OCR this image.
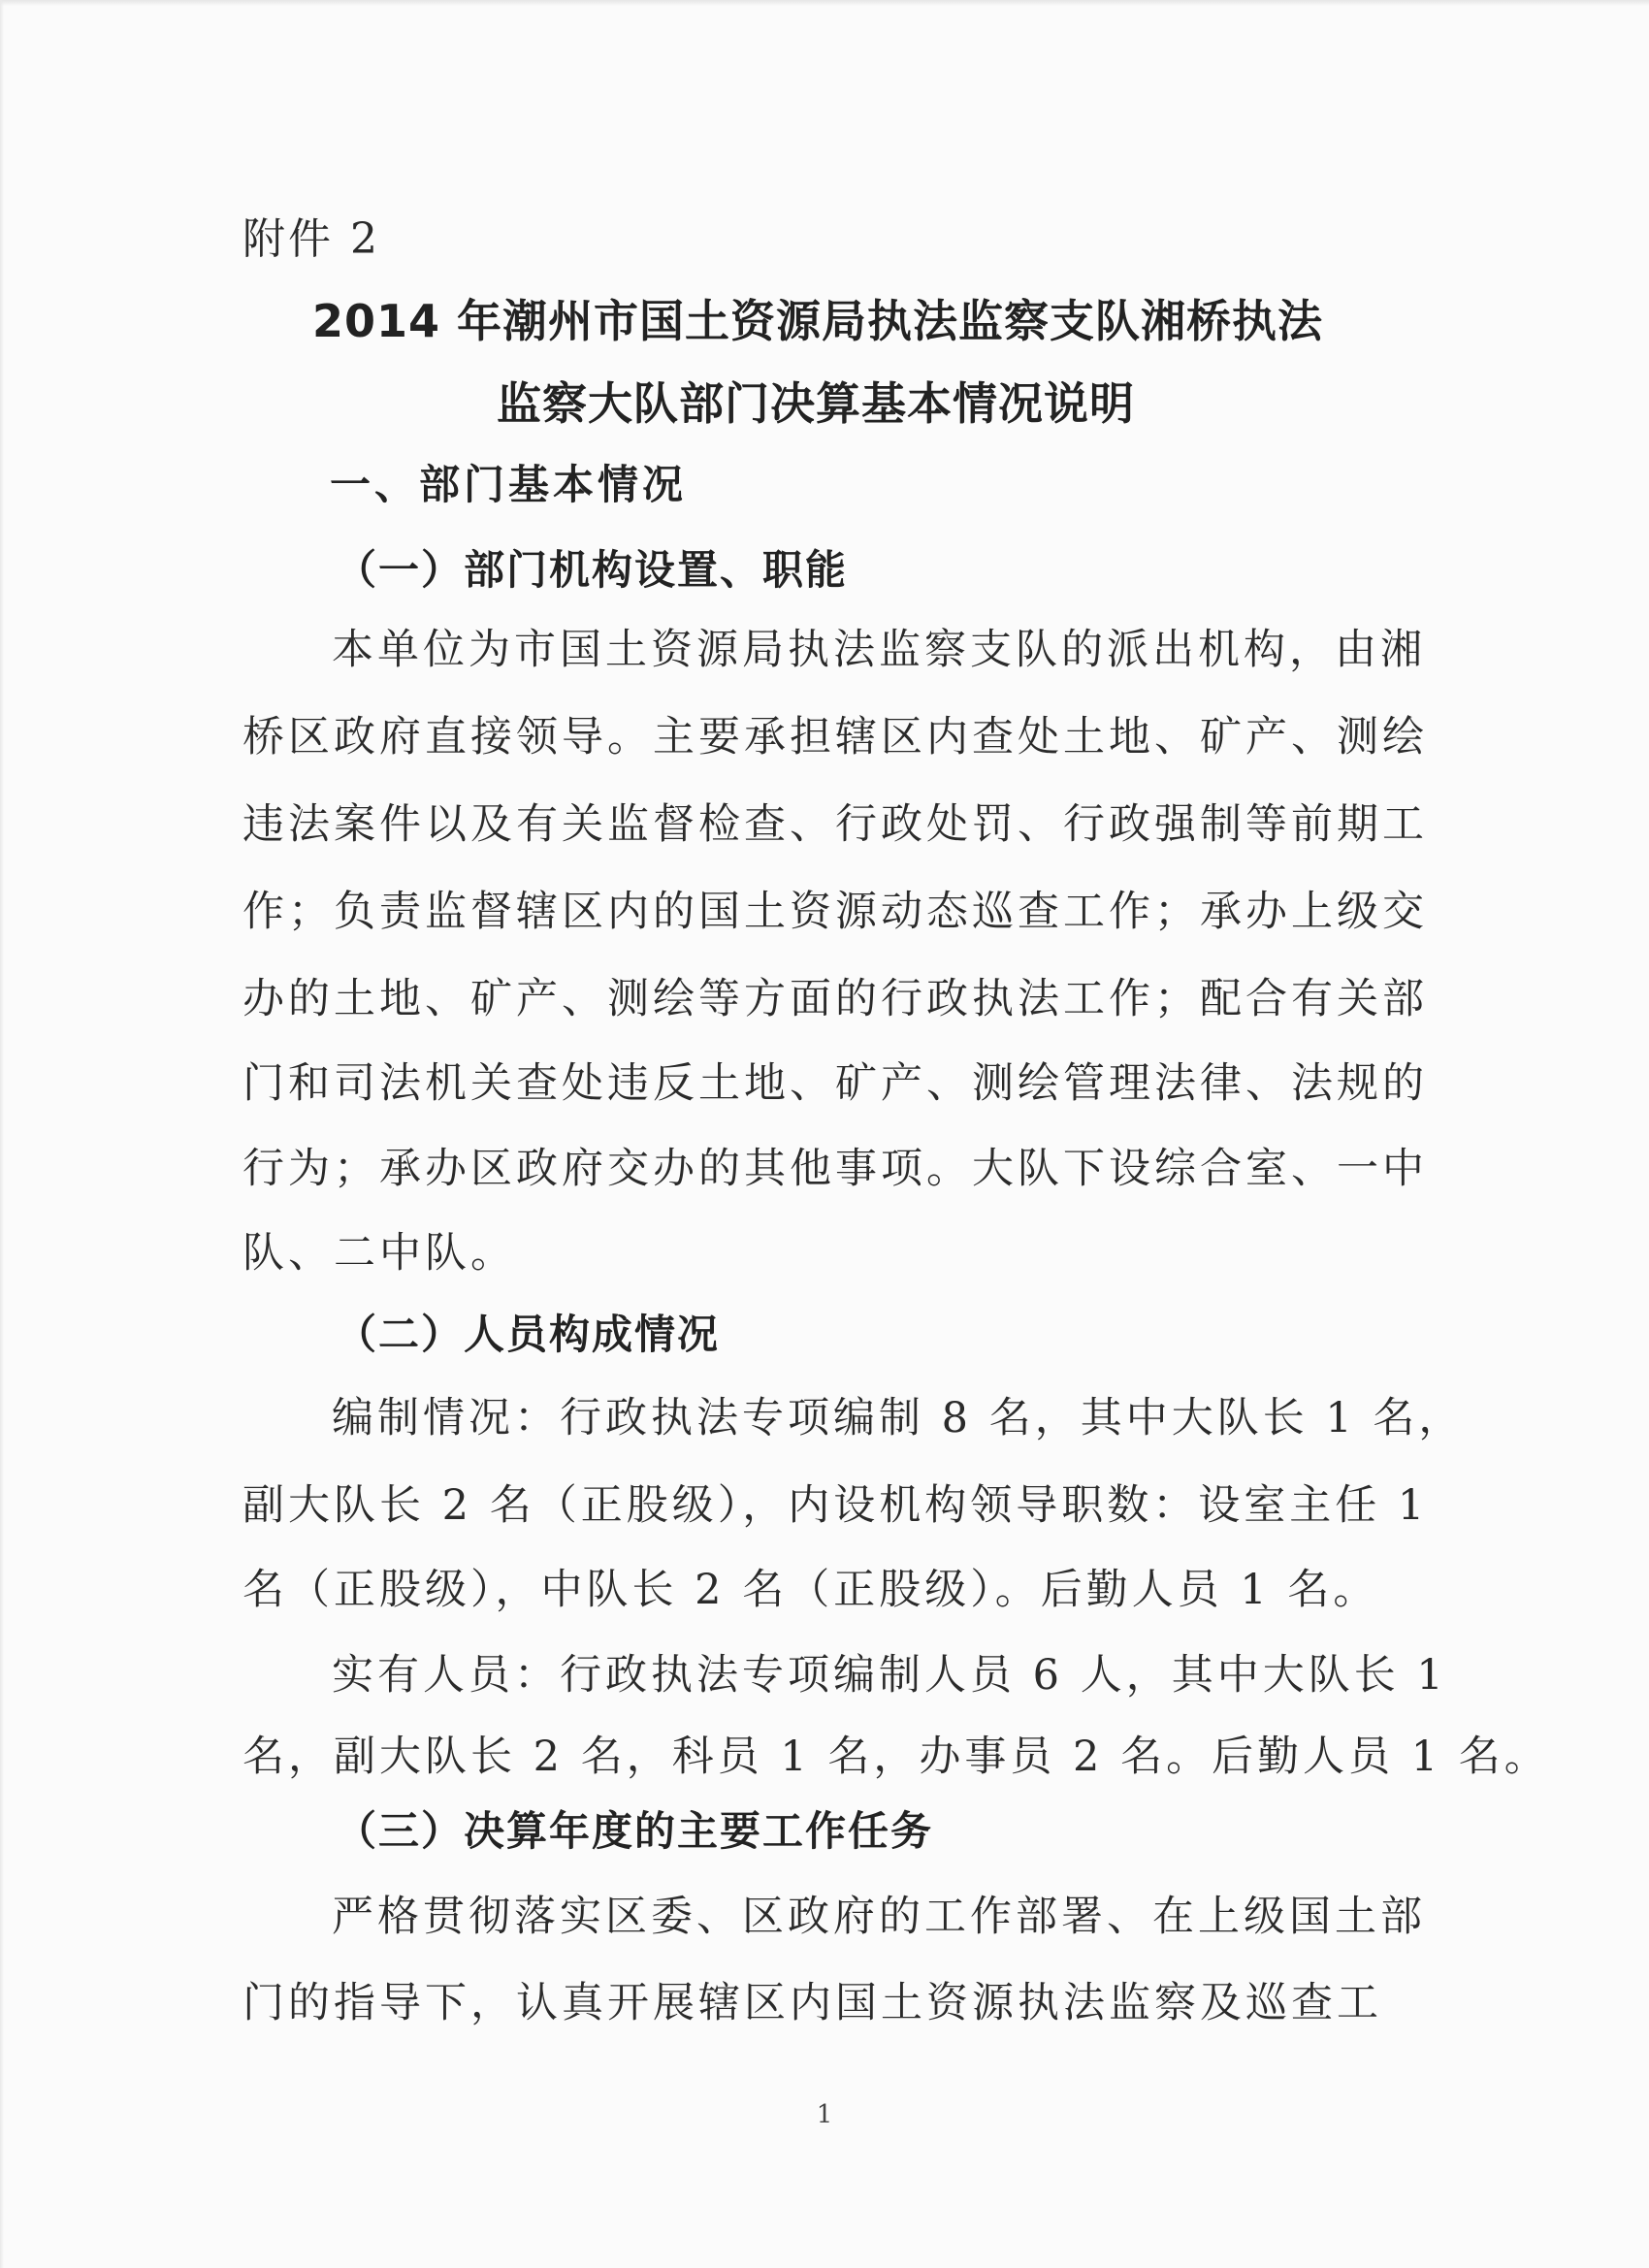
附件 2
2014 年潮州市国土资源局执法监察支队湘桥执法
监察大队部门决算基本情况说明
一、部门基本情况
（一）部门机构设置、职能
本单位为市国土资源局执法监察支队的派出机构，由湘
桥区政府直接领导。主要承担辖区内查处土地、矿产、测绘
违法案件以及有关监督检查、行政处罚、行政强制等前期工
作；负责监督辖区内的国土资源动态巡查工作；承办上级交
办的土地、矿产、测绘等方面的行政执法工作；配合有关部
门和司法机关查处违反土地、矿产、测绘管理法律、法规的
行为；承办区政府交办的其他事项。大队下设综合室、一中
队、二中队。
（二）人员构成情况
编制情况：行政执法专项编制 8 名，其中大队长 1 名，
副大队长 2 名（正股级），内设机构领导职数：设室主任 1
名（正股级），中队长 2 名（正股级）。后勤人员 1 名。
实有人员：行政执法专项编制人员 6 人，其中大队长 1
名，副大队长 2 名，科员 1 名，办事员 2 名。后勤人员 1 名。
（三）决算年度的主要工作任务
严格贯彻落实区委、区政府的工作部署、在上级国土部
门的指导下，认真开展辖区内国土资源执法监察及巡查工
1
